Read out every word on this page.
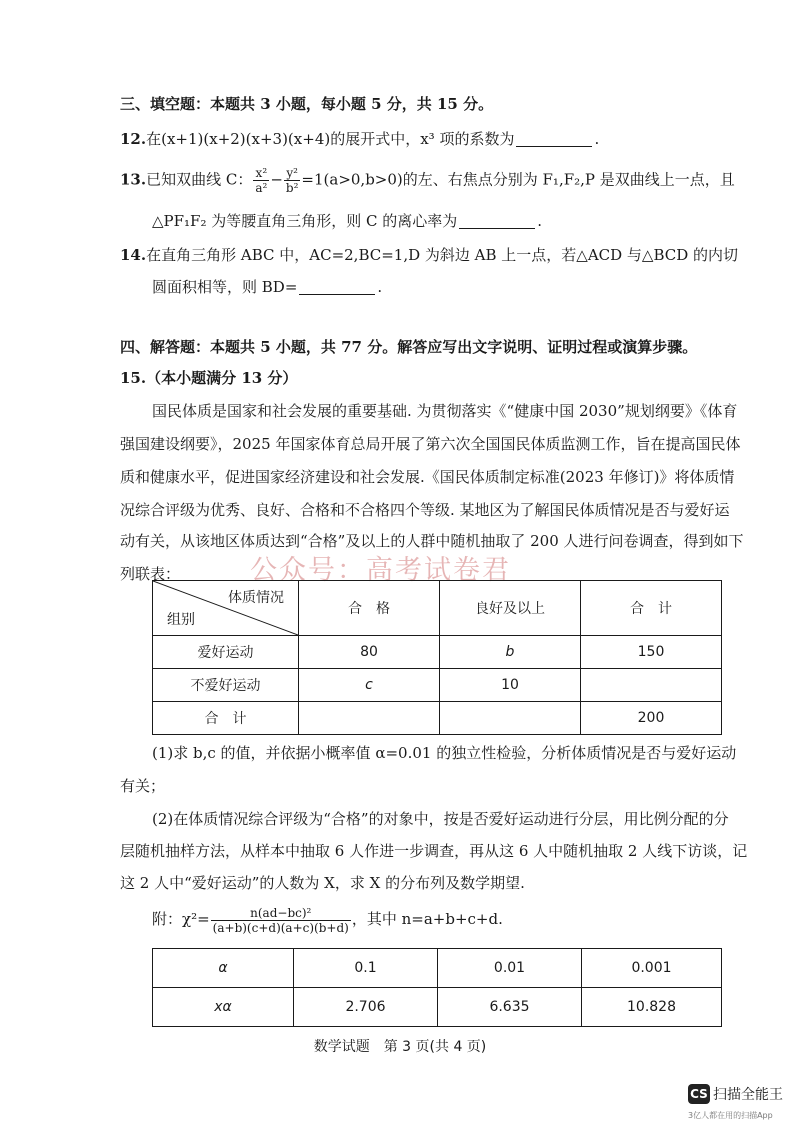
三、填空题：本题共 3 小题，每小题 5 分，共 15 分。
12.在(x+1)(x+2)(x+3)(x+4)的展开式中，x³ 项的系数为	.
13.已知双曲线 C： $\frac{\text{x²}}{\text{a²}} - \frac{\text{y²}}{\text{b²}} =1(a>0,b>0)$的左、右焦点分别为 F₁,F₂,P 是双曲线上一点，且
△PF₁F₂ 为等腰直角三角形，则 C 的离心率为	.
14.在直角三角形 ABC 中，AC=2,BC=1,D 为斜边 AB 上一点，若△ACD 与△BCD 的内切
圆面积相等，则 BD=	.
四、解答题：本题共 5 小题，共 77 分。解答应写出文字说明、证明过程或演算步骤。
15.（本小题满分 13 分）
国民体质是国家和社会发展的重要基础. 为贯彻落实《“健康中国 2030”规划纲要》《体育
强国建设纲要》，2025 年国家体育总局开展了第六次全国国民体质监测工作，旨在提高国民体
质和健康水平，促进国家经济建设和社会发展.《国民体质制定标准(2023 年修订)》将体质情
况综合评级为优秀、良好、合格和不合格四个等级. 某地区为了解国民体质情况是否与爱好运
动有关，从该地区体质达到“合格”及以上的人群中随机抽取了 200 人进行问卷调查，得到如下
列联表：	公众号：高考试卷君
体质情况
组别	合　格	良好及以上	合　计
爱好运动	80	b	150
不爱好运动	c	10	
合　计			200
(1)求 b,c 的值，并依据小概率值 α=0.01 的独立性检验，分析体质情况是否与爱好运动
有关；
(2)在体质情况综合评级为“合格”的对象中，按是否爱好运动进行分层，用比例分配的分
层随机抽样方法，从样本中抽取 6 人作进一步调查，再从这 6 人中随机抽取 2 人线下访谈，记
这 2 人中“爱好运动”的人数为 X，求 X 的分布列及数学期望.
附：$\chi^2= \frac{\text{n(ad−bc)²}}{(a+b)(c+d)(a+c)(b+d)}$ ，其中 n=a+b+c+d.
α	0.1	0.01	0.001
xα	2.706	6.635	10.828
数学试题　第 3 页(共 4 页)
CS 扫描全能王
3亿人都在用的扫描App
